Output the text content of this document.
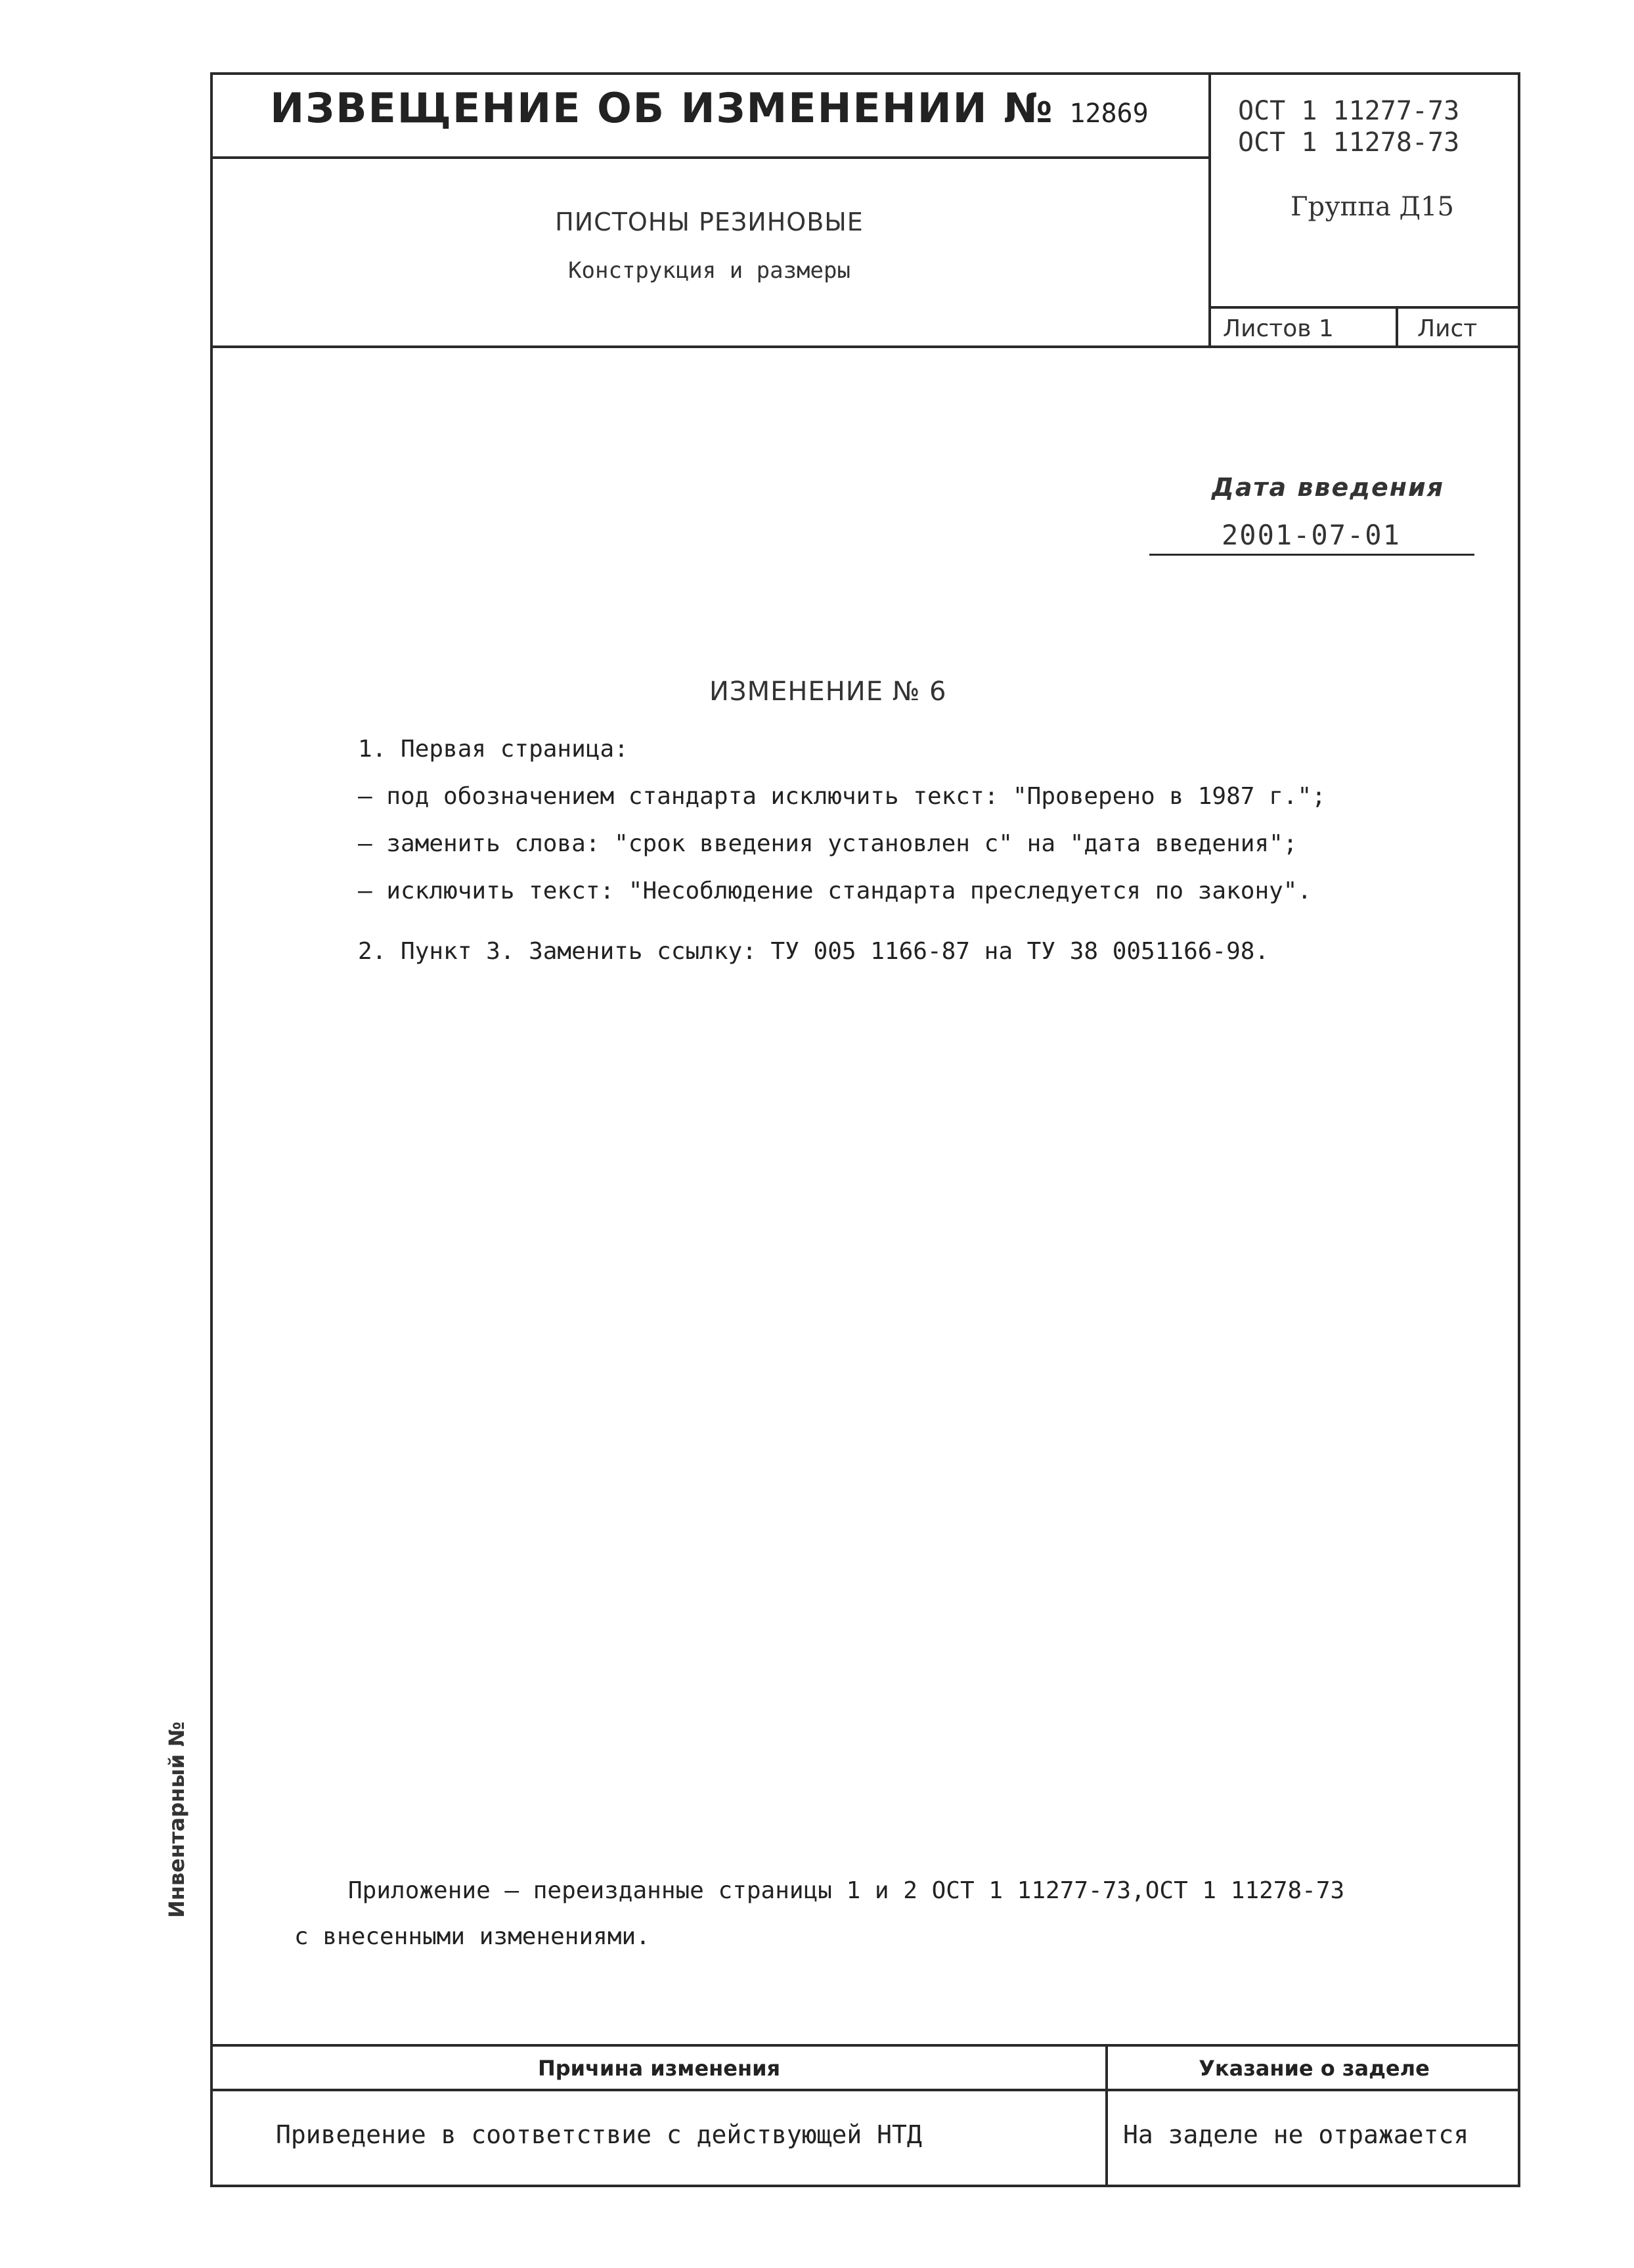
ИЗВЕЩЕНИЕ ОБ ИЗМЕНЕНИИ № 12869	ОСТ 1 11277-73
ОСТ 1 11278-73
Группа Д15
ПИСТОНЫ РЕЗИНОВЫЕ
Конструкция и размеры
Листов 1	Лист
Дата введения
2001-07-01
ИЗМЕНЕНИЕ № 6
1. Первая страница:
– под обозначением стандарта исключить текст: "Проверено в 1987 г.";
– заменить слова: "срок введения установлен с" на "дата введения";
– исключить текст: "Несоблюдение стандарта преследуется по закону".
2. Пункт 3. Заменить ссылку: ТУ 005 1166-87 на ТУ 38 0051166-98.
Приложение – переизданные страницы 1 и 2 ОСТ 1 11277-73,ОСТ 1 11278-73
с внесенными изменениями.
Инвентарный №
Причина изменения	Указание о заделе
Приведение в соответствие с действующей НТД	На заделе не отражается
